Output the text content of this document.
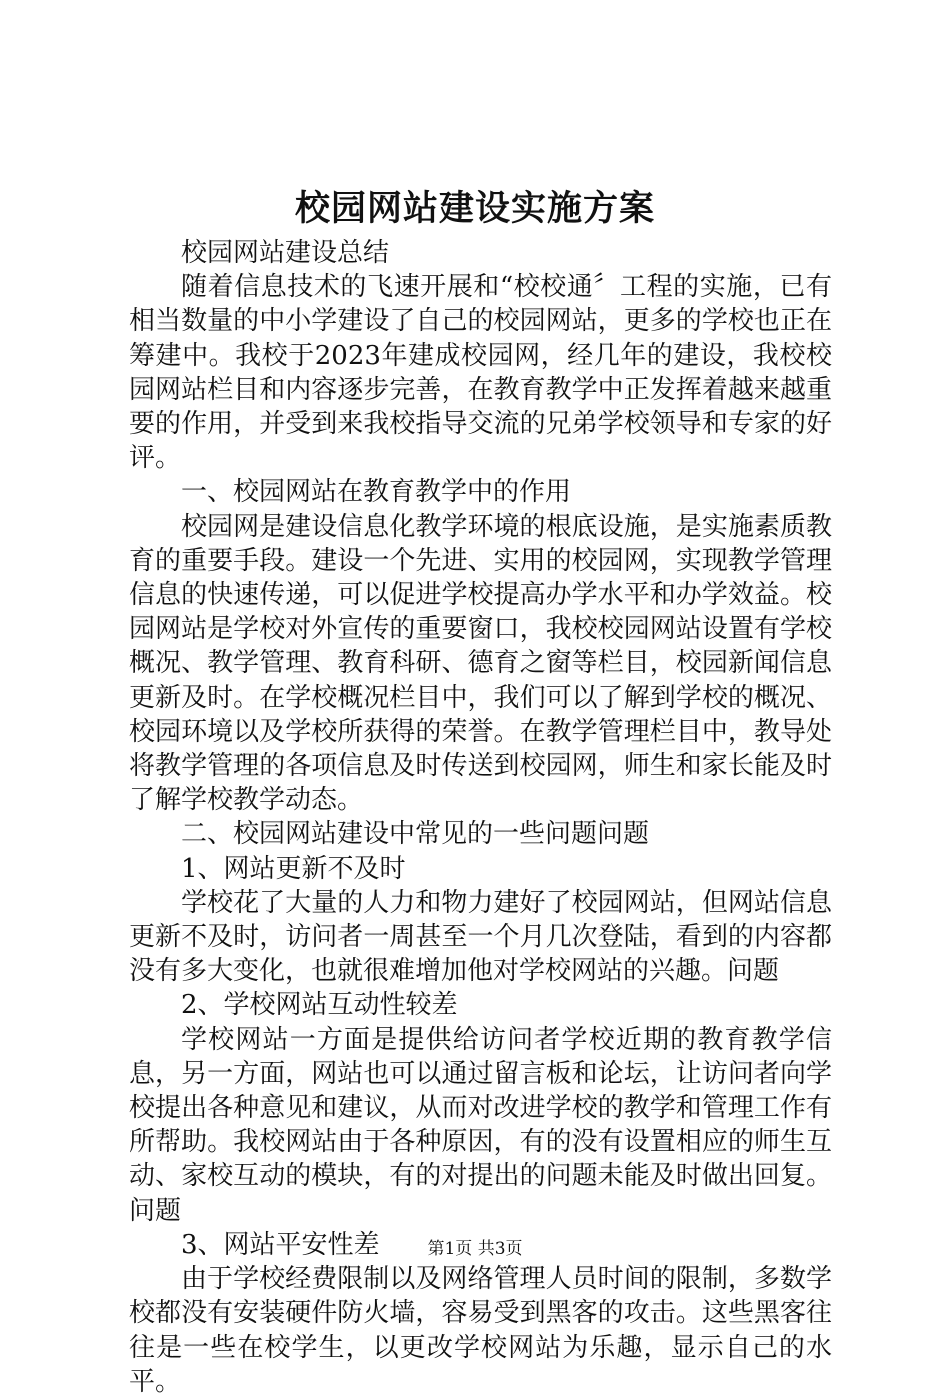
校园网站建设实施方案

校园网站建设总结

随着信息技术的飞速开展和“校校通〞工程的实施，已有相当数量的中小学建设了自己的校园网站，更多的学校也正在筹建中。我校于2023年建成校园网，经几年的建设，我校校园网站栏目和内容逐步完善，在教育教学中正发挥着越来越重要的作用，并受到来我校指导交流的兄弟学校领导和专家的好评。

一、校园网站在教育教学中的作用

校园网是建设信息化教学环境的根底设施，是实施素质教育的重要手段。建设一个先进、实用的校园网，实现教学管理信息的快速传递，可以促进学校提高办学水平和办学效益。校园网站是学校对外宣传的重要窗口，我校校园网站设置有学校概况、教学管理、教育科研、德育之窗等栏目，校园新闻信息更新及时。在学校概况栏目中，我们可以了解到学校的概况、校园环境以及学校所获得的荣誉。在教学管理栏目中，教导处将教学管理的各项信息及时传送到校园网，师生和家长能及时了解学校教学动态。

二、校园网站建设中常见的一些问题问题

1、网站更新不及时

学校花了大量的人力和物力建好了校园网站，但网站信息更新不及时，访问者一周甚至一个月几次登陆，看到的内容都没有多大变化，也就很难增加他对学校网站的兴趣。问题

2、学校网站互动性较差

学校网站一方面是提供给访问者学校近期的教育教学信息，另一方面，网站也可以通过留言板和论坛，让访问者向学校提出各种意见和建议，从而对改进学校的教学和管理工作有所帮助。我校网站由于各种原因，有的没有设置相应的师生互动、家校互动的模块，有的对提出的问题未能及时做出回复。问题

3、网站平安性差

由于学校经费限制以及网络管理人员时间的限制，多数学校都没有安装硬件防火墙，容易受到黑客的攻击。这些黑客往往是一些在校学生，以更改学校网站为乐趣，显示自己的水平。

第1页 共3页
